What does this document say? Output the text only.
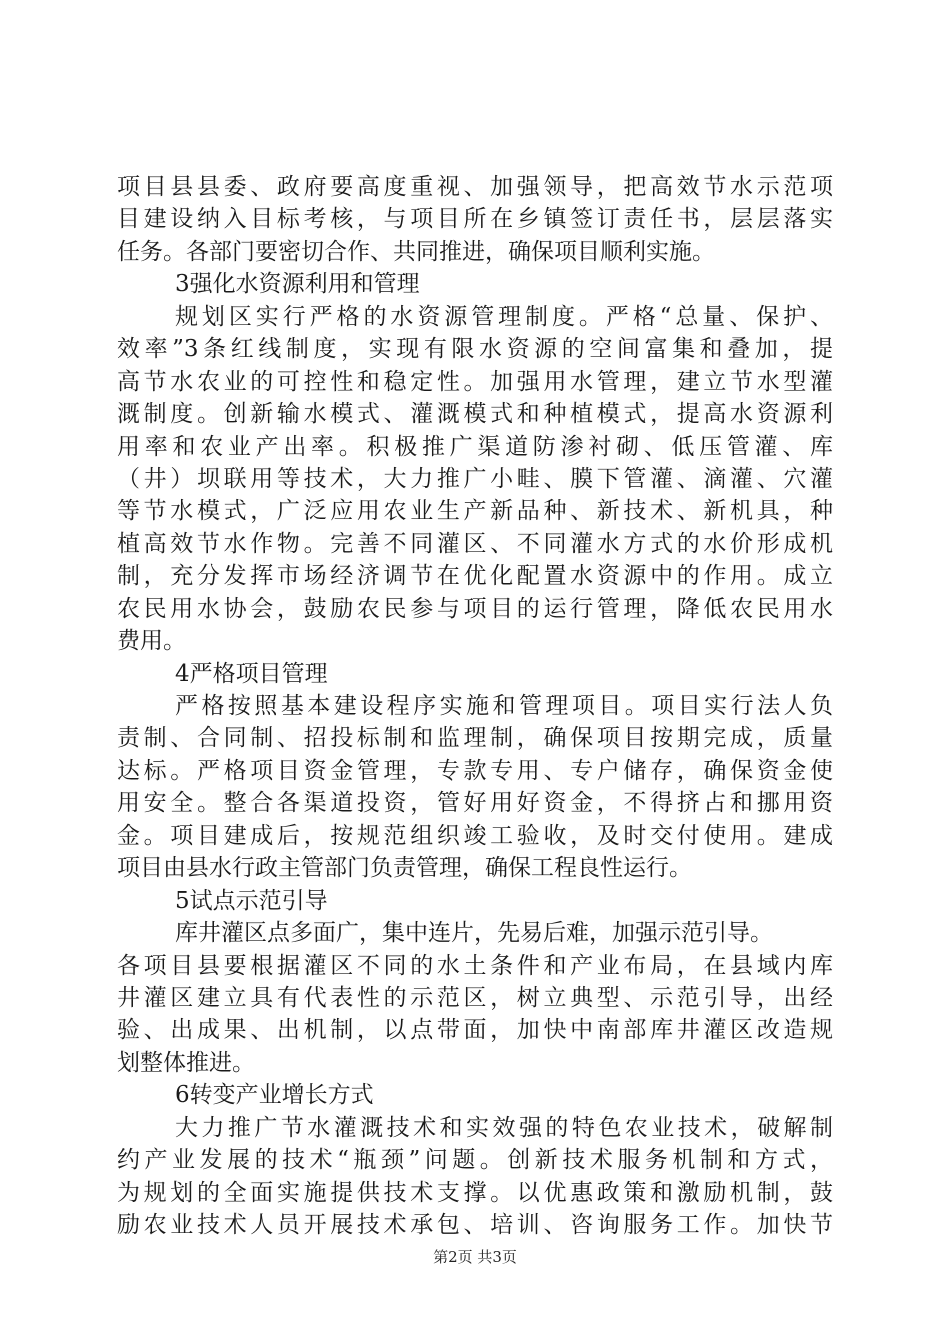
项目县县委、政府要高度重视、加强领导，把高效节水示范项
目建设纳入目标考核，与项目所在乡镇签订责任书，层层落实
任务。各部门要密切合作、共同推进，确保项目顺利实施。
3强化水资源利用和管理
规划区实行严格的水资源管理制度。严格“总量、保护、
效率”3条红线制度，实现有限水资源的空间富集和叠加，提
高节水农业的可控性和稳定性。加强用水管理，建立节水型灌
溉制度。创新输水模式、灌溉模式和种植模式，提高水资源利
用率和农业产出率。积极推广渠道防渗衬砌、低压管灌、库
（井）坝联用等技术，大力推广小畦、膜下管灌、滴灌、穴灌
等节水模式，广泛应用农业生产新品种、新技术、新机具，种
植高效节水作物。完善不同灌区、不同灌水方式的水价形成机
制，充分发挥市场经济调节在优化配置水资源中的作用。成立
农民用水协会，鼓励农民参与项目的运行管理，降低农民用水
费用。
4严格项目管理
严格按照基本建设程序实施和管理项目。项目实行法人负
责制、合同制、招投标制和监理制，确保项目按期完成，质量
达标。严格项目资金管理，专款专用、专户储存，确保资金使
用安全。整合各渠道投资，管好用好资金，不得挤占和挪用资
金。项目建成后，按规范组织竣工验收，及时交付使用。建成
项目由县水行政主管部门负责管理，确保工程良性运行。
5试点示范引导
库井灌区点多面广，集中连片，先易后难，加强示范引导。
各项目县要根据灌区不同的水土条件和产业布局，在县域内库
井灌区建立具有代表性的示范区，树立典型、示范引导，出经
验、出成果、出机制，以点带面，加快中南部库井灌区改造规
划整体推进。
6转变产业增长方式
大力推广节水灌溉技术和实效强的特色农业技术，破解制
约产业发展的技术“瓶颈”问题。创新技术服务机制和方式，
为规划的全面实施提供技术支撑。以优惠政策和激励机制，鼓
励农业技术人员开展技术承包、培训、咨询服务工作。加快节
第2页 共3页
